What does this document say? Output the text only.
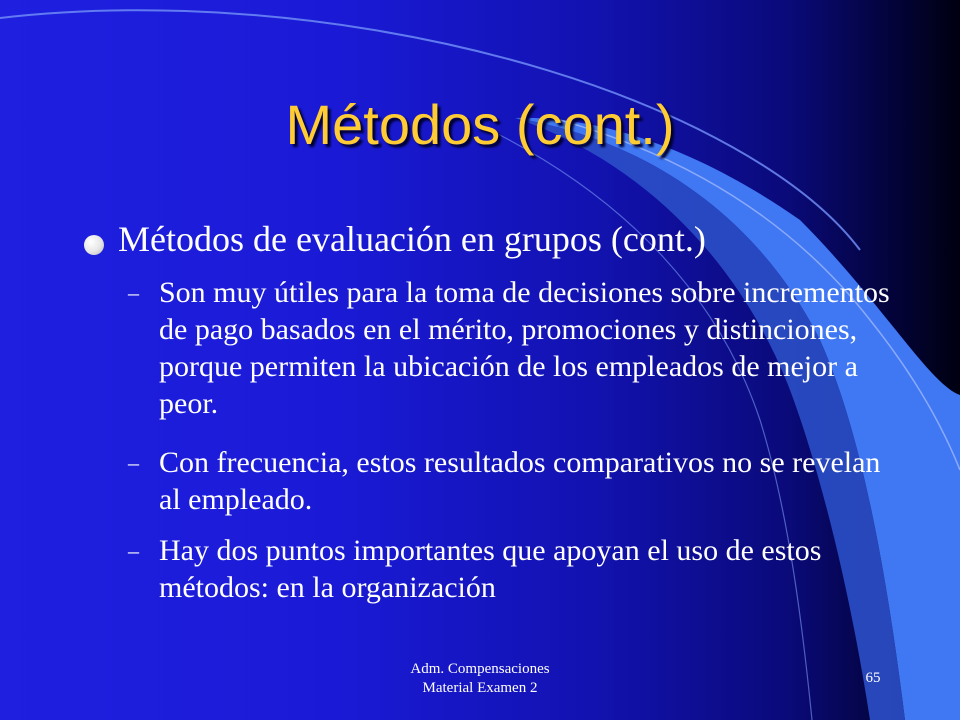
Métodos (cont.)
Métodos de evaluación en grupos (cont.)
– Son muy útiles para la toma de decisiones sobre incrementos de pago basados en el mérito, promociones y distinciones, porque permiten la ubicación de los empleados de mejor a peor.
– Con frecuencia, estos resultados comparativos no se revelan al empleado.
– Hay dos puntos importantes que apoyan el uso de estos métodos: en la organización
Adm. Compensaciones
Material Examen 2
65
